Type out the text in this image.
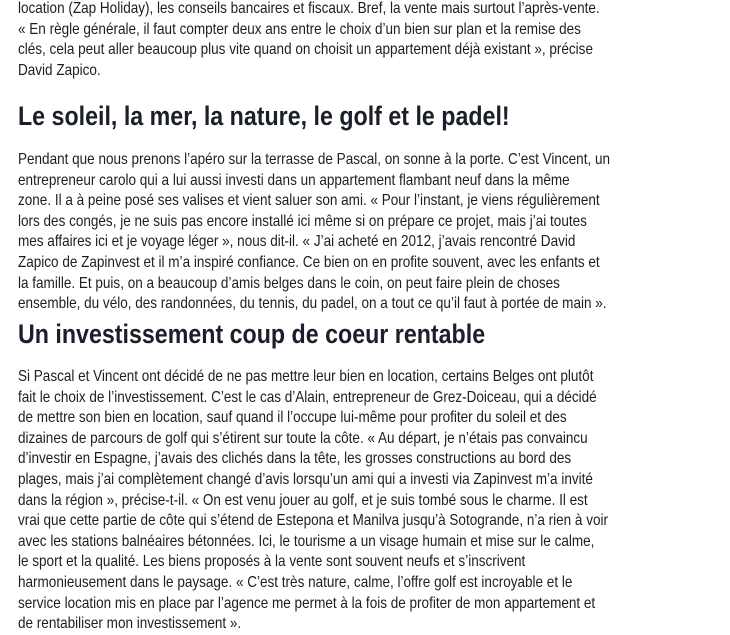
location (Zap Holiday), les conseils bancaires et fiscaux. Bref, la vente mais surtout l’après-vente.
« En règle générale, il faut compter deux ans entre le choix d’un bien sur plan et la remise des
clés, cela peut aller beaucoup plus vite quand on choisit un appartement déjà existant », précise
David Zapico.
Le soleil, la mer, la nature, le golf et le padel!
Pendant que nous prenons l’apéro sur la terrasse de Pascal, on sonne à la porte. C’est Vincent, un
entrepreneur carolo qui a lui aussi investi dans un appartement flambant neuf dans la même
zone. Il a à peine posé ses valises et vient saluer son ami. « Pour l’instant, je viens régulièrement
lors des congés, je ne suis pas encore installé ici même si on prépare ce projet, mais j’ai toutes
mes affaires ici et je voyage léger », nous dit-il. « J’ai acheté en 2012, j’avais rencontré David
Zapico de Zapinvest et il m’a inspiré confiance. Ce bien on en profite souvent, avec les enfants et
la famille. Et puis, on a beaucoup d’amis belges dans le coin, on peut faire plein de choses
ensemble, du vélo, des randonnées, du tennis, du padel, on a tout ce qu’il faut à portée de main ».
Un investissement coup de coeur rentable
Si Pascal et Vincent ont décidé de ne pas mettre leur bien en location, certains Belges ont plutôt
fait le choix de l’investissement. C’est le cas d’Alain, entrepreneur de Grez-Doiceau, qui a décidé
de mettre son bien en location, sauf quand il l’occupe lui-même pour profiter du soleil et des
dizaines de parcours de golf qui s’étirent sur toute la côte. « Au départ, je n’étais pas convaincu
d’investir en Espagne, j’avais des clichés dans la tête, les grosses constructions au bord des
plages, mais j’ai complètement changé d’avis lorsqu’un ami qui a investi via Zapinvest m’a invité
dans la région », précise-t-il. « On est venu jouer au golf, et je suis tombé sous le charme. Il est
vrai que cette partie de côte qui s’étend de Estepona et Manilva jusqu’à Sotogrande, n’a rien à voir
avec les stations balnéaires bétonnées. Ici, le tourisme a un visage humain et mise sur le calme,
le sport et la qualité. Les biens proposés à la vente sont souvent neufs et s’inscrivent
harmonieusement dans le paysage. « C’est très nature, calme, l’offre golf est incroyable et le
service location mis en place par l’agence me permet à la fois de profiter de mon appartement et
de rentabiliser mon investissement ».
